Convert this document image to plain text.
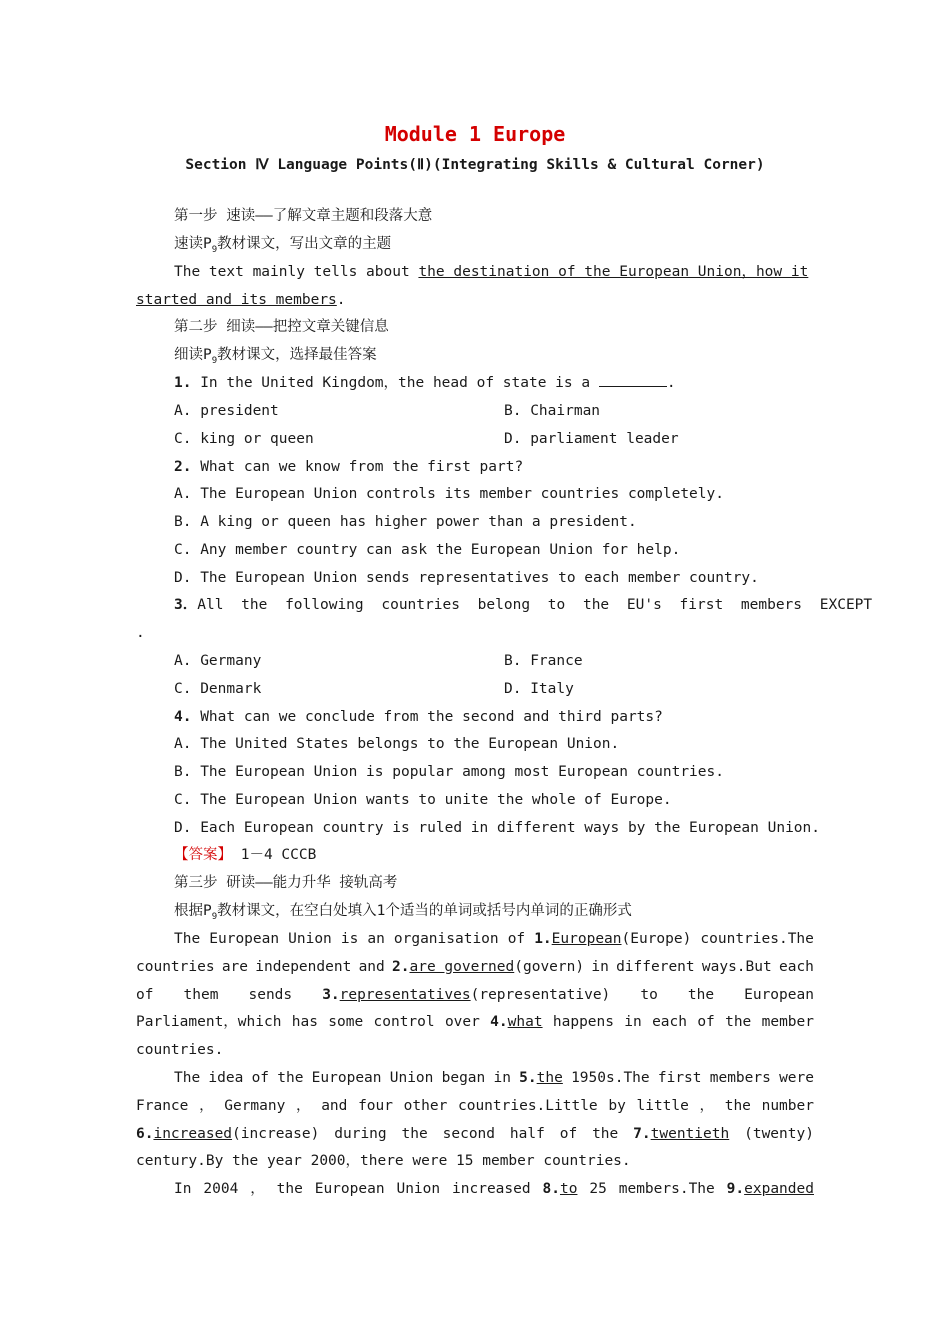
Module 1 Europe
Section Ⅳ Language Points(Ⅱ)(Integrating Skills & Cultural Corner)
第一步 速读——了解文章主题和段落大意
速读$P_9$教材课文，写出文章的主题
The text mainly tells about the destination of the European Union，how it
started and its members.
第二步 细读——把控文章关键信息
细读$P_9$教材课文，选择最佳答案
1. In the United Kingdom，the head of state is a	.
A. president	B. Chairman
C. king or queen	D. parliament leader
2. What can we know from the first part?
A. The European Union controls its member countries completely.
B. A king or queen has higher power than a president.
C. Any member country can ask the European Union for help.
D. The European Union sends representatives to each member country.
3．All the following countries belong to the EU's first members EXCEPT
.
A. Germany	B. France
C. Denmark	D. Italy
4. What can we conclude from the second and third parts?
A. The United States belongs to the European Union.
B. The European Union is popular among most European countries.
C. The European Union wants to unite the whole of Europe.
D. Each European country is ruled in different ways by the European Union.
【答案】 1－4 CCCB
第三步 研读——能力升华 接轨高考
根据$P_9$教材课文，在空白处填入1个适当的单词或括号内单词的正确形式
The European Union is an organisation of 1.European(Europe) countries.The
countries are independent and 2.are governed(govern) in different ways.But each
of them sends 3.representatives(representative) to the European
Parliament，which has some control over 4.what happens in each of the member
countries.
The idea of the European Union began in 5.the 1950s.The first members were
France ， Germany ， and four other countries.Little by little ， the number
6.increased(increase) during the second half of the 7.twentieth (twenty)
century.By the year 2000，there were 15 member countries.
In 2004 ， the European Union increased 8.to 25 members.The 9.expanded
